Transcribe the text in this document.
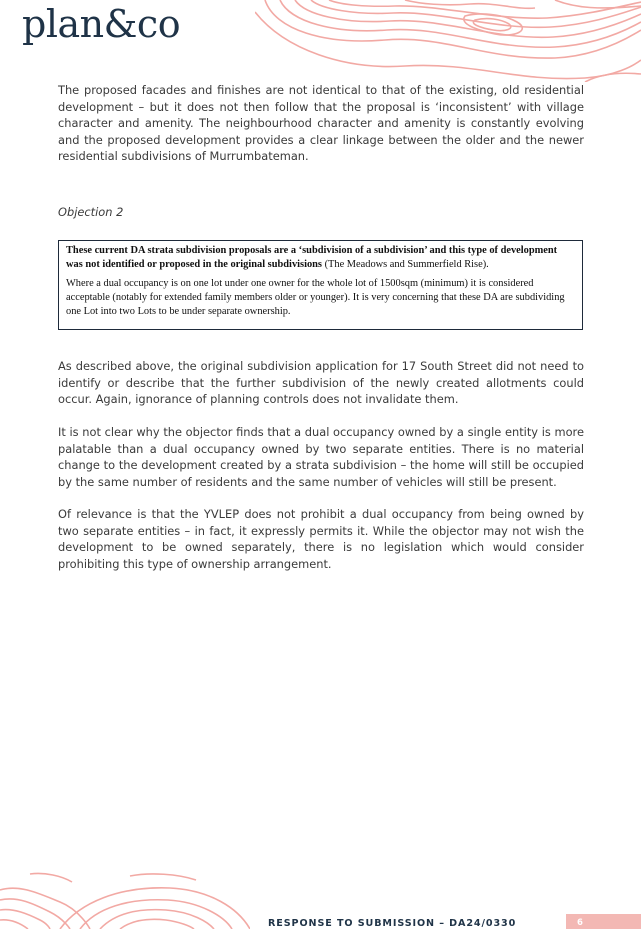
plan&co

The proposed facades and finishes are not identical to that of the existing, old residential development – but it does not then follow that the proposal is ‘inconsistent’ with village character and amenity. The neighbourhood character and amenity is constantly evolving and the proposed development provides a clear linkage between the older and the newer residential subdivisions of Murrumbateman.

Objection 2
These current DA strata subdivision proposals are a ‘subdivision of a subdivision’ and this type of development was not identified or proposed in the original subdivisions (The Meadows and Summerfield Rise).
Where a dual occupancy is on one lot under one owner for the whole lot of 1500sqm (minimum) it is considered acceptable (notably for extended family members older or younger). It is very concerning that these DA are subdividing one Lot into two Lots to be under separate ownership.

As described above, the original subdivision application for 17 South Street did not need to identify or describe that the further subdivision of the newly created allotments could occur. Again, ignorance of planning controls does not invalidate them.

It is not clear why the objector finds that a dual occupancy owned by a single entity is more palatable than a dual occupancy owned by two separate entities. There is no material change to the development created by a strata subdivision – the home will still be occupied by the same number of residents and the same number of vehicles will still be present.

Of relevance is that the YVLEP does not prohibit a dual occupancy from being owned by two separate entities – in fact, it expressly permits it. While the objector may not wish the development to be owned separately, there is no legislation which would consider prohibiting this type of ownership arrangement.

RESPONSE TO SUBMISSION – DA24/0330	6
